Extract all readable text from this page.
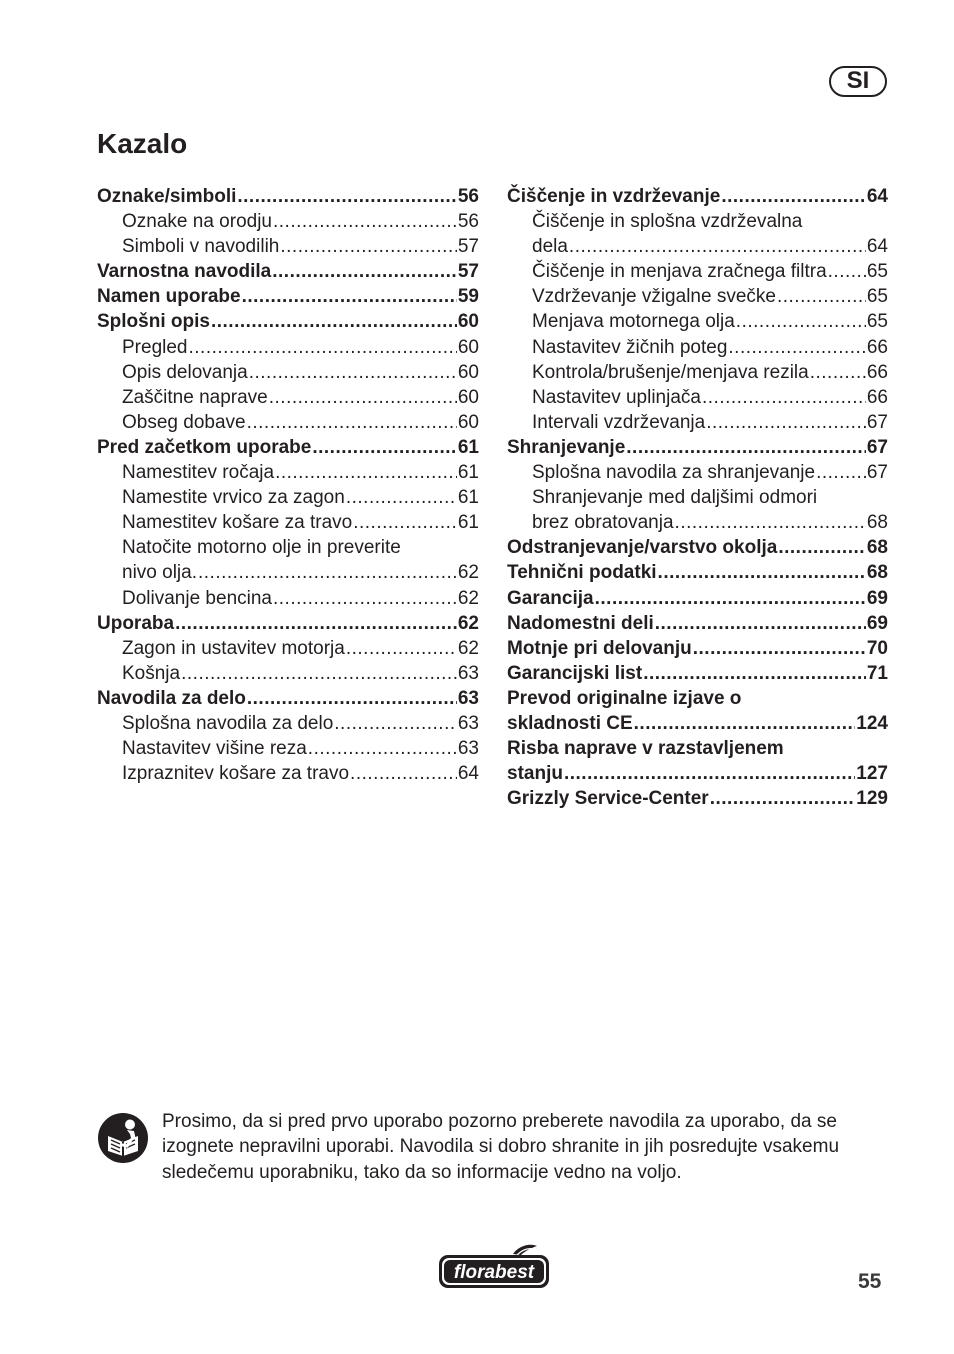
SI
Kazalo
Oznake/simboli .....	56
Oznake na orodju .....	56
Simboli v navodilih .....	57
Varnostna navodila .....	57
Namen uporabe .....	59
Splošni opis .....	60
Pregled .....	60
Opis delovanja .....	60
Zaščitne naprave .....	60
Obseg dobave .....	60
Pred začetkom uporabe .....	61
Namestitev ročaja .....	61
Namestite vrvico za zagon .....	61
Namestitev košare za travo .....	61
Natočite motorno olje in preverite
nivo olja. .....	62
Dolivanje bencina .....	62
Uporaba .....	62
Zagon in ustavitev motorja .....	62
Košnja .....	63
Navodila za delo .....	63
Splošna navodila za delo .....	63
Nastavitev višine reza .....	63
Izpraznitev košare za travo .....	64
Čiščenje in vzdrževanje .....	64
Čiščenje in splošna vzdrževalna
dela .....	64
Čiščenje in menjava zračnega filtra ..... 65
Vzdrževanje vžigalne svečke .....	65
Menjava motornega olja .....	65
Nastavitev žičnih poteg .....	66
Kontrola/brušenje/menjava rezila .....	66
Nastavitev uplinjača .....	66
Intervali vzdrževanja .....	67
Shranjevanje .....	67
Splošna navodila za shranjevanje .....	67
Shranjevanje med daljšimi odmori
brez obratovanja .....	68
Odstranjevanje/varstvo okolja .....	68
Tehnični podatki .....	68
Garancija .....	69
Nadomestni deli .....	69
Motnje pri delovanju .....	70
Garancijski list .....	71
Prevod originalne izjave o
skladnosti CE .....	124
Risba naprave v razstavljenem
stanju .....	127
Grizzly Service-Center .....	129

Prosimo, da si pred prvo uporabo pozorno preberete navodila za uporabo, da se izognete nepravilni uporabi. Navodila si dobro shranite in jih posredujte vsakemu sledečemu uporabniku, tako da so informacije vedno na voljo.

florabest	55
